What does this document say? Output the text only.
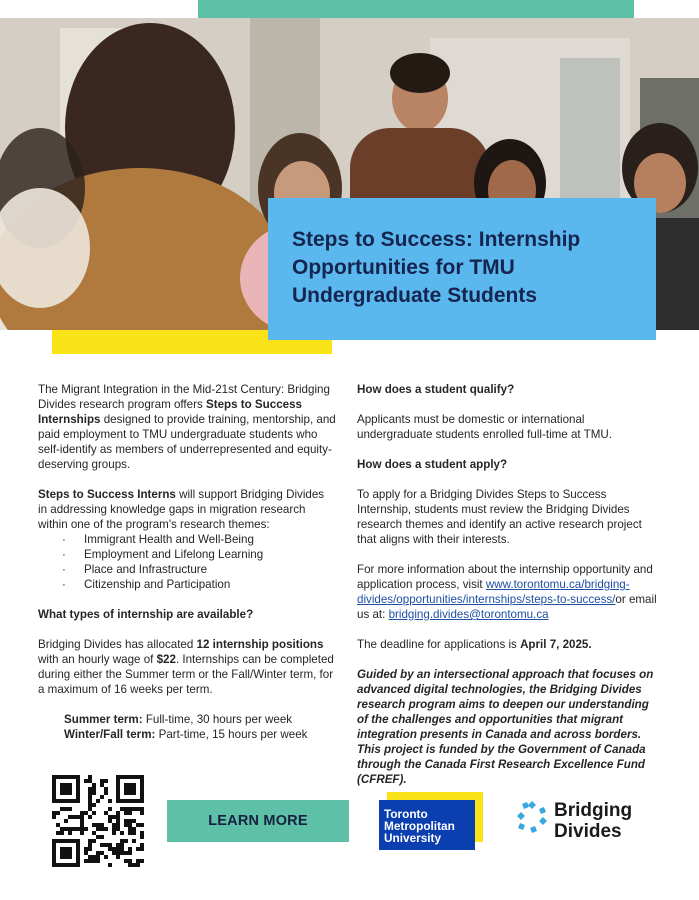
Steps to Success: Internship Opportunities for TMU Undergraduate Students

The Migrant Integration in the Mid-21st Century: Bridging Divides research program offers Steps to Success Internships designed to provide training, mentorship, and paid employment to TMU undergraduate students who self-identify as members of underrepresented and equity-deserving groups.

Steps to Success Interns will support Bridging Divides in addressing knowledge gaps in migration research within one of the program's research themes:

· Immigrant Health and Well-Being
· Employment and Lifelong Learning
· Place and Infrastructure
· Citizenship and Participation

What types of internship are available?

Bridging Divides has allocated 12 internship positions with an hourly wage of $22. Internships can be completed during either the Summer term or the Fall/Winter term, for a maximum of 16 weeks per term.

Summer term: Full-time, 30 hours per week

Winter/Fall term: Part-time, 15 hours per week

How does a student qualify?

Applicants must be domestic or international undergraduate students enrolled full-time at TMU.

How does a student apply?

To apply for a Bridging Divides Steps to Success Internship, students must review the Bridging Divides research themes and identify an active research project that aligns with their interests.

For more information about the internship opportunity and application process, visit www.torontomu.ca/bridging-divides/opportunities/internships/steps-to-success/or email us at: bridging.divides@torontomu.ca

The deadline for applications is April 7, 2025.

Guided by an intersectional approach that focuses on advanced digital technologies, the Bridging Divides research program aims to deepen our understanding of the challenges and opportunities that migrant integration presents in Canada and across borders. This project is funded by the Government of Canada through the Canada First Research Excellence Fund (CFREF).

LEARN MORE	Toronto
Metropolitan
University
Bridging
Divides
